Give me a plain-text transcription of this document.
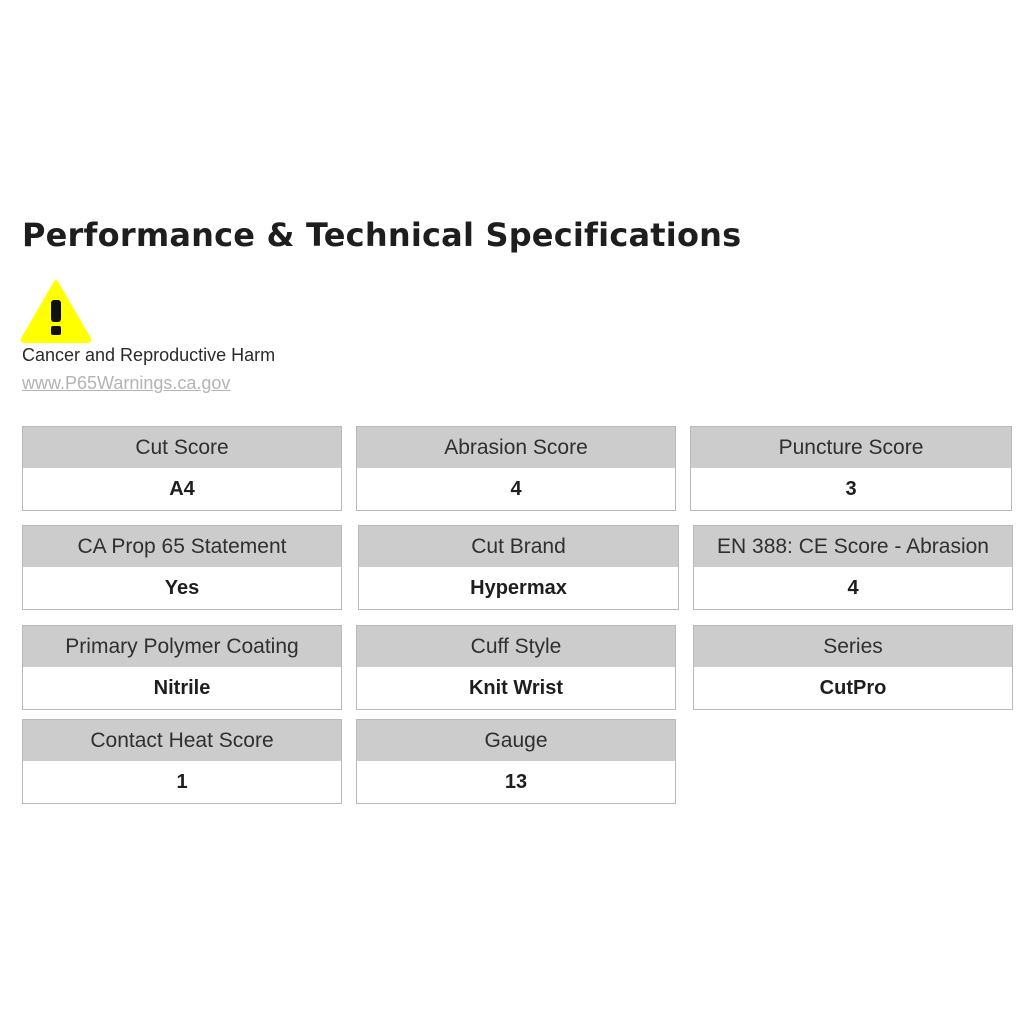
Performance & Technical Specifications
Cancer and Reproductive Harm
www.P65Warnings.ca.gov
Cut Score
A4
Abrasion Score
4
Puncture Score
3
CA Prop 65 Statement
Yes
Cut Brand
Hypermax
EN 388: CE Score - Abrasion
4
Primary Polymer Coating
Nitrile
Cuff Style
Knit Wrist
Series
CutPro
Contact Heat Score
1
Gauge
13
